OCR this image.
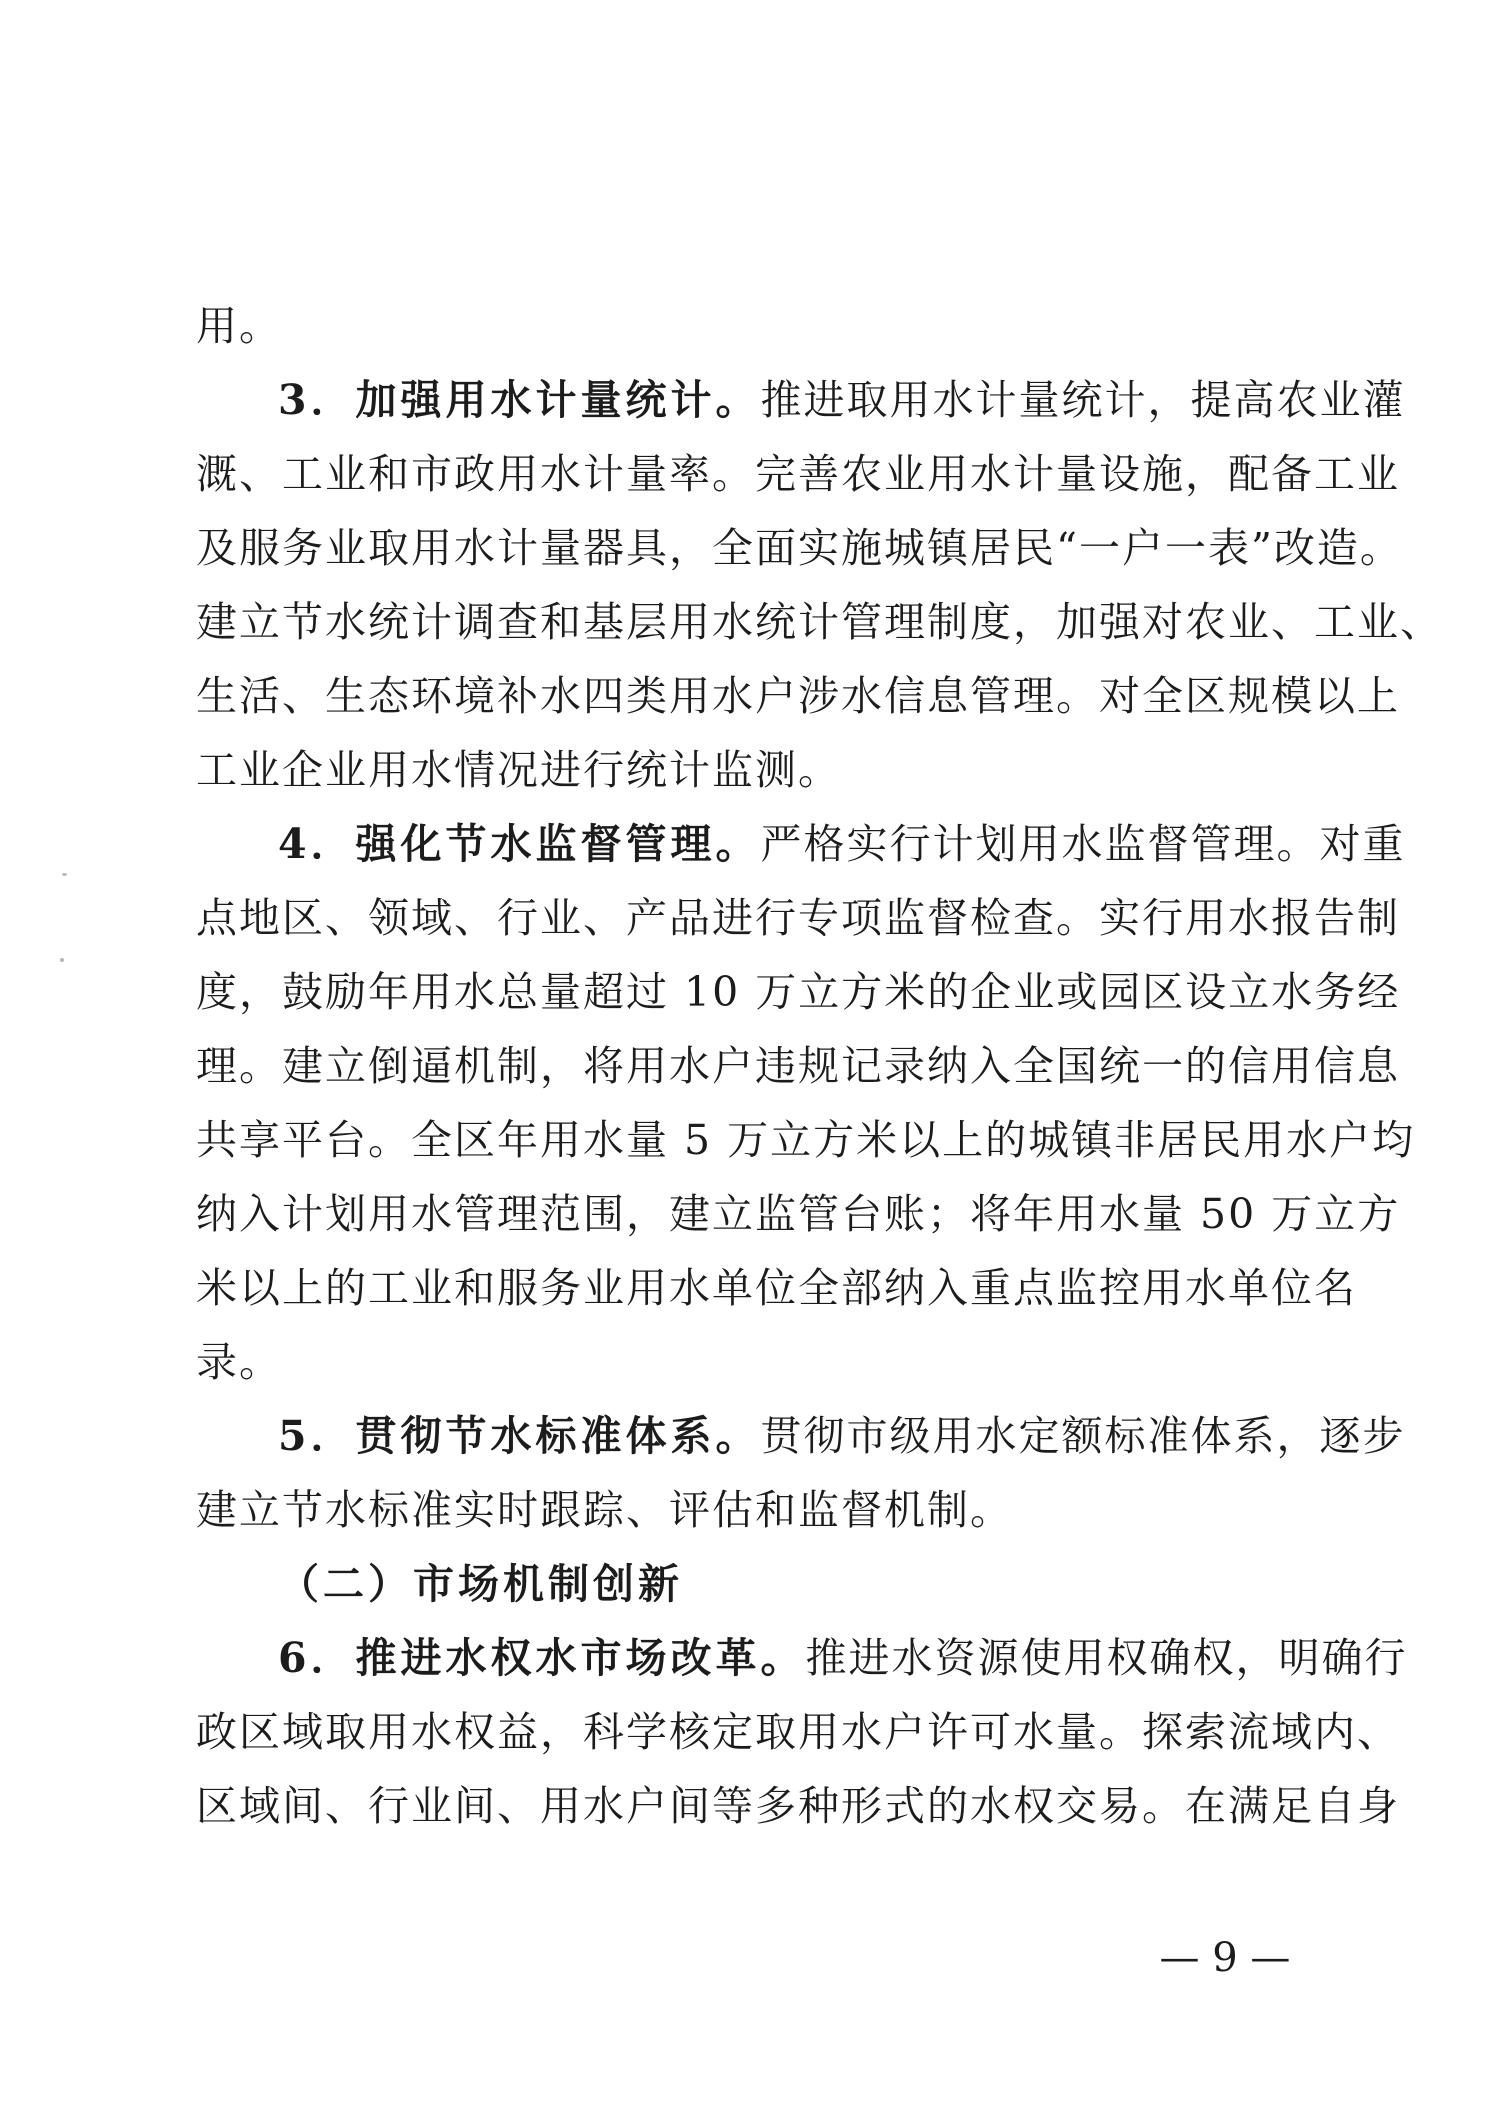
用。
3．加强用水计量统计。推进取用水计量统计，提高农业灌
溉、工业和市政用水计量率。完善农业用水计量设施，配备工业
及服务业取用水计量器具，全面实施城镇居民“一户一表”改造。
建立节水统计调查和基层用水统计管理制度，加强对农业、工业、
生活、生态环境补水四类用水户涉水信息管理。对全区规模以上
工业企业用水情况进行统计监测。
4．强化节水监督管理。严格实行计划用水监督管理。对重
点地区、领域、行业、产品进行专项监督检查。实行用水报告制
度，鼓励年用水总量超过 10 万立方米的企业或园区设立水务经
理。建立倒逼机制，将用水户违规记录纳入全国统一的信用信息
共享平台。全区年用水量 5 万立方米以上的城镇非居民用水户均
纳入计划用水管理范围，建立监管台账；将年用水量 50 万立方
米以上的工业和服务业用水单位全部纳入重点监控用水单位名
录。
5．贯彻节水标准体系。贯彻市级用水定额标准体系，逐步
建立节水标准实时跟踪、评估和监督机制。
（二）市场机制创新
6．推进水权水市场改革。推进水资源使用权确权，明确行
政区域取用水权益，科学核定取用水户许可水量。探索流域内、
区域间、行业间、用水户间等多种形式的水权交易。在满足自身
— 9 —
